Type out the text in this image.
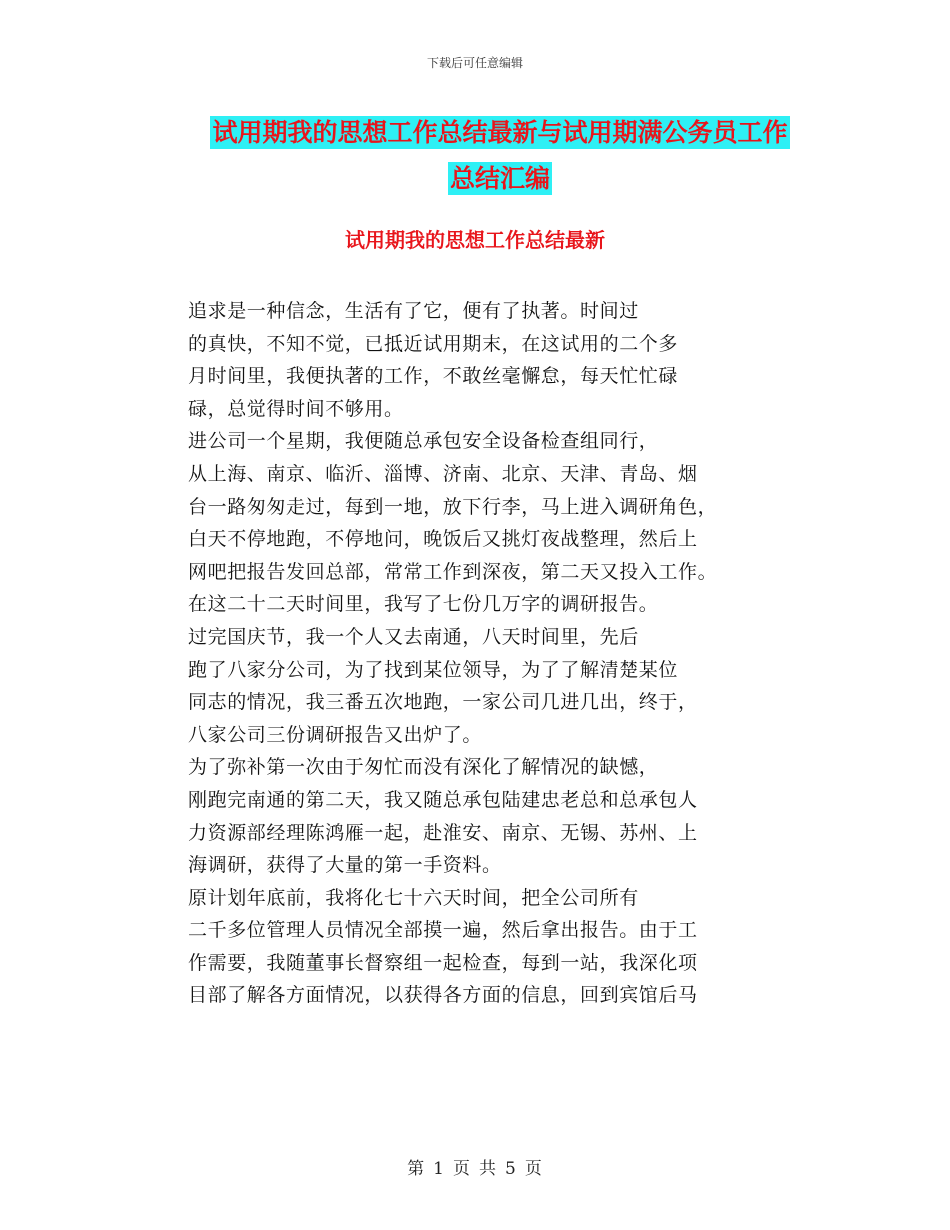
下载后可任意编辑
试用期我的思想工作总结最新与试用期满公务员工作
总结汇编
试用期我的思想工作总结最新
追求是一种信念，生活有了它，便有了执著。时间过
的真快，不知不觉，已抵近试用期末，在这试用的二个多
月时间里，我便执著的工作，不敢丝毫懈怠，每天忙忙碌
碌，总觉得时间不够用。
进公司一个星期，我便随总承包安全设备检查组同行，
从上海、南京、临沂、淄博、济南、北京、天津、青岛、烟
台一路匆匆走过，每到一地，放下行李，马上进入调研角色，
白天不停地跑，不停地问，晚饭后又挑灯夜战整理，然后上
网吧把报告发回总部，常常工作到深夜，第二天又投入工作。
在这二十二天时间里，我写了七份几万字的调研报告。
过完国庆节，我一个人又去南通，八天时间里，先后
跑了八家分公司，为了找到某位领导，为了了解清楚某位
同志的情况，我三番五次地跑，一家公司几进几出，终于，
八家公司三份调研报告又出炉了。
为了弥补第一次由于匆忙而没有深化了解情况的缺憾，
刚跑完南通的第二天，我又随总承包陆建忠老总和总承包人
力资源部经理陈鸿雁一起，赴淮安、南京、无锡、苏州、上
海调研，获得了大量的第一手资料。
原计划年底前，我将化七十六天时间，把全公司所有
二千多位管理人员情况全部摸一遍，然后拿出报告。由于工
作需要，我随董事长督察组一起检查，每到一站，我深化项
目部了解各方面情况，以获得各方面的信息，回到宾馆后马
第 1 页 共 5 页
